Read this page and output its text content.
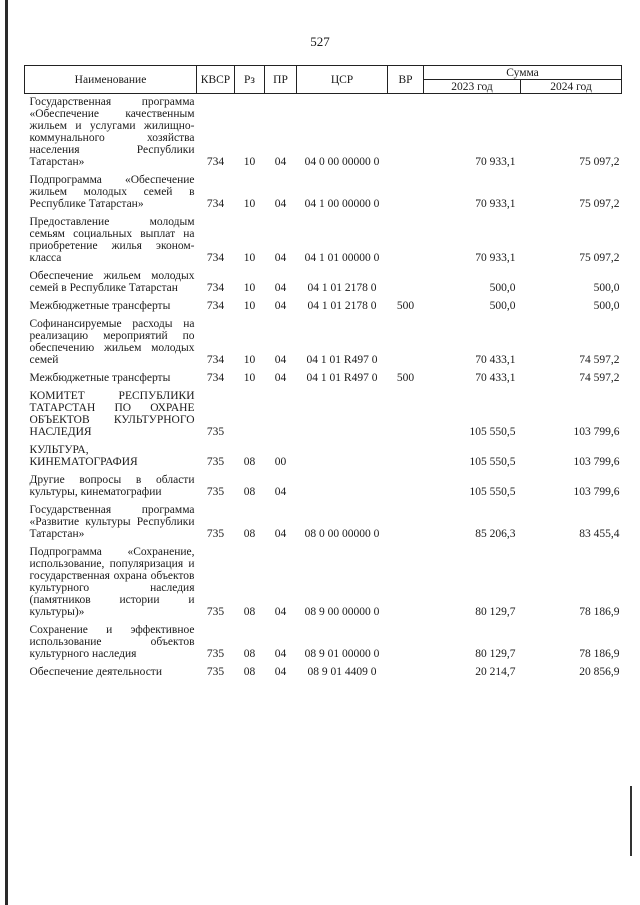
527
Наименование	КВСР	Рз	ПР	ЦСР	ВР	Сумма	
						2023 год	2024 год
Государственная программа «Обеспечение качественным жильем и услугами жилищно-коммунального хозяйства населения Республики Татарстан»	734	10	04	04 0 00 00000 0		70 933,1	75 097,2
Подпрограмма «Обеспечение жильем молодых семей в Республике Татарстан»	734	10	04	04 1 00 00000 0		70 933,1	75 097,2
Предоставление молодым семьям социальных выплат на приобретение жилья эконом-класса	734	10	04	04 1 01 00000 0		70 933,1	75 097,2
Обеспечение жильем молодых семей в Республике Татарстан	734	10	04	04 1 01 2178 0		500,0	500,0
Межбюджетные трансферты	734	10	04	04 1 01 2178 0	500	500,0	500,0
Софинансируемые расходы на реализацию мероприятий по обеспечению жильем молодых семей	734	10	04	04 1 01 R497 0		70 433,1	74 597,2
Межбюджетные трансферты	734	10	04	04 1 01 R497 0	500	70 433,1	74 597,2
КОМИТЕТ РЕСПУБЛИКИ ТАТАРСТАН ПО ОХРАНЕ ОБЪЕКТОВ КУЛЬТУРНОГО НАСЛЕДИЯ	735					105 550,5	103 799,6
КУЛЬТУРА, КИНЕМАТОГРАФИЯ	735	08	00			105 550,5	103 799,6
Другие вопросы в области культуры, кинематографии	735	08	04			105 550,5	103 799,6
Государственная программа «Развитие культуры Республики Татарстан»	735	08	04	08 0 00 00000 0		85 206,3	83 455,4
Подпрограмма «Сохранение, использование, популяризация и государственная охрана объектов культурного наследия (памятников истории и культуры)»	735	08	04	08 9 00 00000 0		80 129,7	78 186,9
Сохранение и эффективное использование объектов культурного наследия	735	08	04	08 9 01 00000 0		80 129,7	78 186,9
Обеспечение деятельности	735	08	04	08 9 01 4409 0		20 214,7	20 856,9
